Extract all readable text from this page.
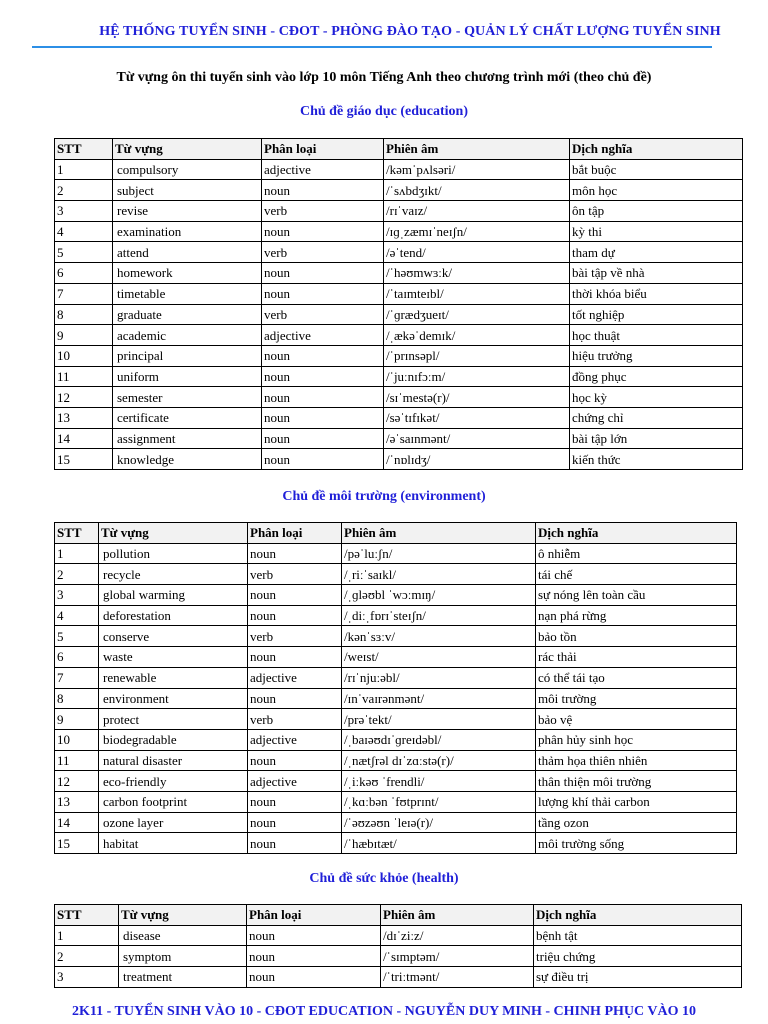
HỆ THỐNG TUYỂN SINH - CĐOT - PHÒNG ĐÀO TẠO - QUẢN LÝ CHẤT LƯỢNG TUYỂN SINH
Từ vựng ôn thi tuyển sinh vào lớp 10 môn Tiếng Anh theo chương trình mới (theo chủ đề)
Chủ đề giáo dục (education)
STT	Từ vựng	Phân loại	Phiên âm	Dịch nghĩa
1	compulsory	adjective	/kəmˈpʌlsəri/	bắt buộc
2	subject	noun	/ˈsʌbdʒɪkt/	môn học
3	revise	verb	/rɪˈvaɪz/	ôn tập
4	examination	noun	/ɪɡˌzæmɪˈneɪʃn/	kỳ thi
5	attend	verb	/əˈtend/	tham dự
6	homework	noun	/ˈhəʊmwɜːk/	bài tập về nhà
7	timetable	noun	/ˈtaɪmteɪbl/	thời khóa biểu
8	graduate	verb	/ˈɡrædʒueɪt/	tốt nghiệp
9	academic	adjective	/ˌækəˈdemɪk/	học thuật
10	principal	noun	/ˈprɪnsəpl/	hiệu trưởng
11	uniform	noun	/ˈjuːnɪfɔːm/	đồng phục
12	semester	noun	/sɪˈmestə(r)/	học kỳ
13	certificate	noun	/səˈtɪfɪkət/	chứng chỉ
14	assignment	noun	/əˈsaɪnmənt/	bài tập lớn
15	knowledge	noun	/ˈnɒlɪdʒ/	kiến thức
Chủ đề môi trường (environment)
STT	Từ vựng	Phân loại	Phiên âm	Dịch nghĩa
1	pollution	noun	/pəˈluːʃn/	ô nhiễm
2	recycle	verb	/ˌriːˈsaɪkl/	tái chế
3	global warming	noun	/ˌɡləʊbl ˈwɔːmɪŋ/	sự nóng lên toàn cầu
4	deforestation	noun	/ˌdiːˌfɒrɪˈsteɪʃn/	nạn phá rừng
5	conserve	verb	/kənˈsɜːv/	bảo tồn
6	waste	noun	/weɪst/	rác thải
7	renewable	adjective	/rɪˈnjuːəbl/	có thể tái tạo
8	environment	noun	/ɪnˈvaɪrənmənt/	môi trường
9	protect	verb	/prəˈtekt/	bảo vệ
10	biodegradable	adjective	/ˌbaɪəʊdɪˈɡreɪdəbl/	phân hủy sinh học
11	natural disaster	noun	/ˌnætʃrəl dɪˈzɑːstə(r)/	thảm họa thiên nhiên
12	eco-friendly	adjective	/ˌiːkəʊ ˈfrendli/	thân thiện môi trường
13	carbon footprint	noun	/ˌkɑːbən ˈfʊtprɪnt/	lượng khí thải carbon
14	ozone layer	noun	/ˈəʊzəʊn ˈleɪə(r)/	tầng ozon
15	habitat	noun	/ˈhæbɪtæt/	môi trường sống
Chủ đề sức khỏe (health)
STT	Từ vựng	Phân loại	Phiên âm	Dịch nghĩa
1	disease	noun	/dɪˈziːz/	bệnh tật
2	symptom	noun	/ˈsɪmptəm/	triệu chứng
3	treatment	noun	/ˈtriːtmənt/	sự điều trị
2K11 - TUYỂN SINH VÀO 10 - CĐOT EDUCATION - NGUYỄN DUY MINH - CHINH PHỤC VÀO 10
